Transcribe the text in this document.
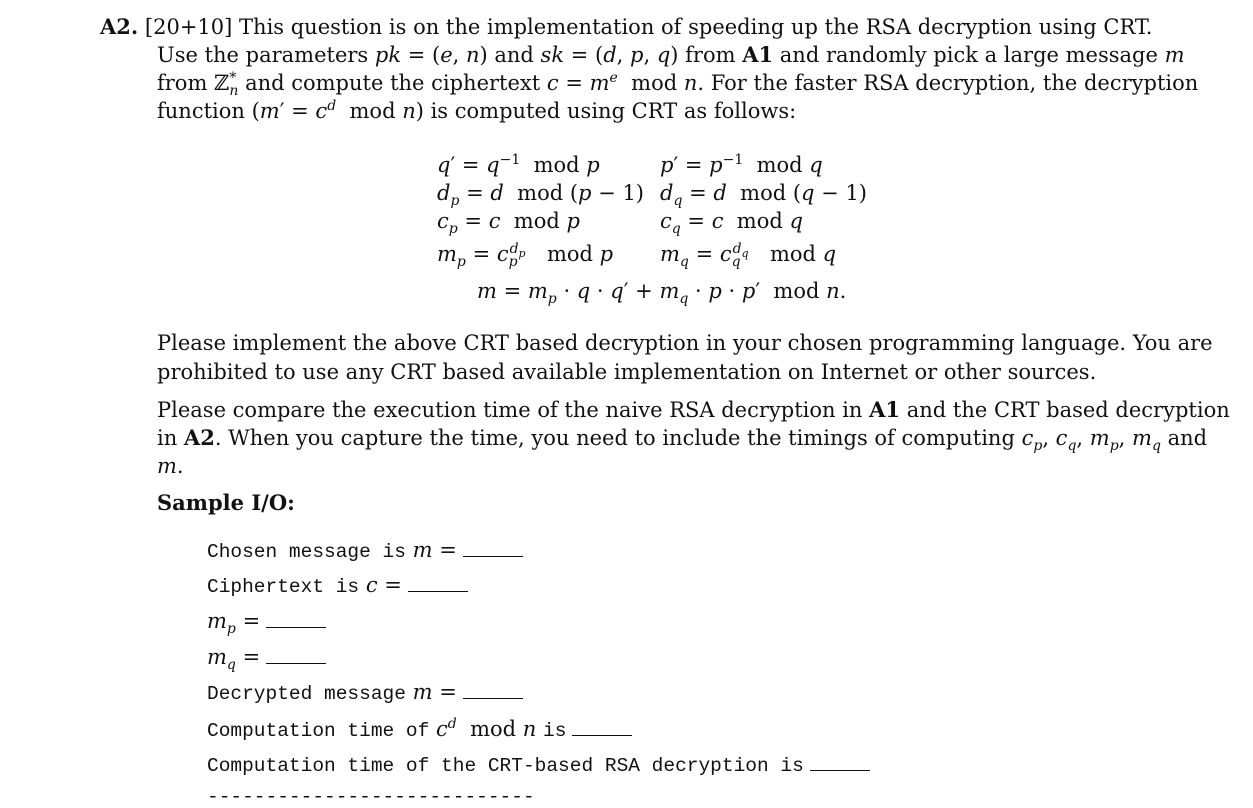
A2. [20+10] This question is on the implementation of speeding up the RSA decryption using CRT.
Use the parameters pk = (e, n) and sk = (d, p, q) from A1 and randomly pick a large message m
from ℤ*$_n$ and compute the ciphertext $c = m^e$  mod n. For the faster RSA decryption, the decryption
function ($m' = c^d$  mod n) is computed using CRT as follows:
$q' = q^{-1}$  mod p	$p' = p^{-1}$  mod q
$d_p = d$  mod (p − 1) $d_q = d$  mod (q − 1)
$c_p = c$  mod p	$c_q = c$  mod q
$m_p = c_p^{d_p}$  mod p $m_q = c_q^{d_q}$  mod q
$m = m_p \cdot q \cdot q' + m_q \cdot p \cdot p'$  mod n.
Please implement the above CRT based decryption in your chosen programming language. You are
prohibited to use any CRT based available implementation on Internet or other sources.
Please compare the execution time of the naive RSA decryption in A1 and the CRT based decryption
in A2. When you capture the time, you need to include the timings of computing $c_p$, $c_q$, $m_p$, $m_q$ and
m.
Sample I/O:
Chosen message is m =
Ciphertext is c =
$m_p$ =
$m_q$ =
Decrypted message m =
Computation time of $c^d$  mod n is
Computation time of the CRT-based RSA decryption is
----------------------------
